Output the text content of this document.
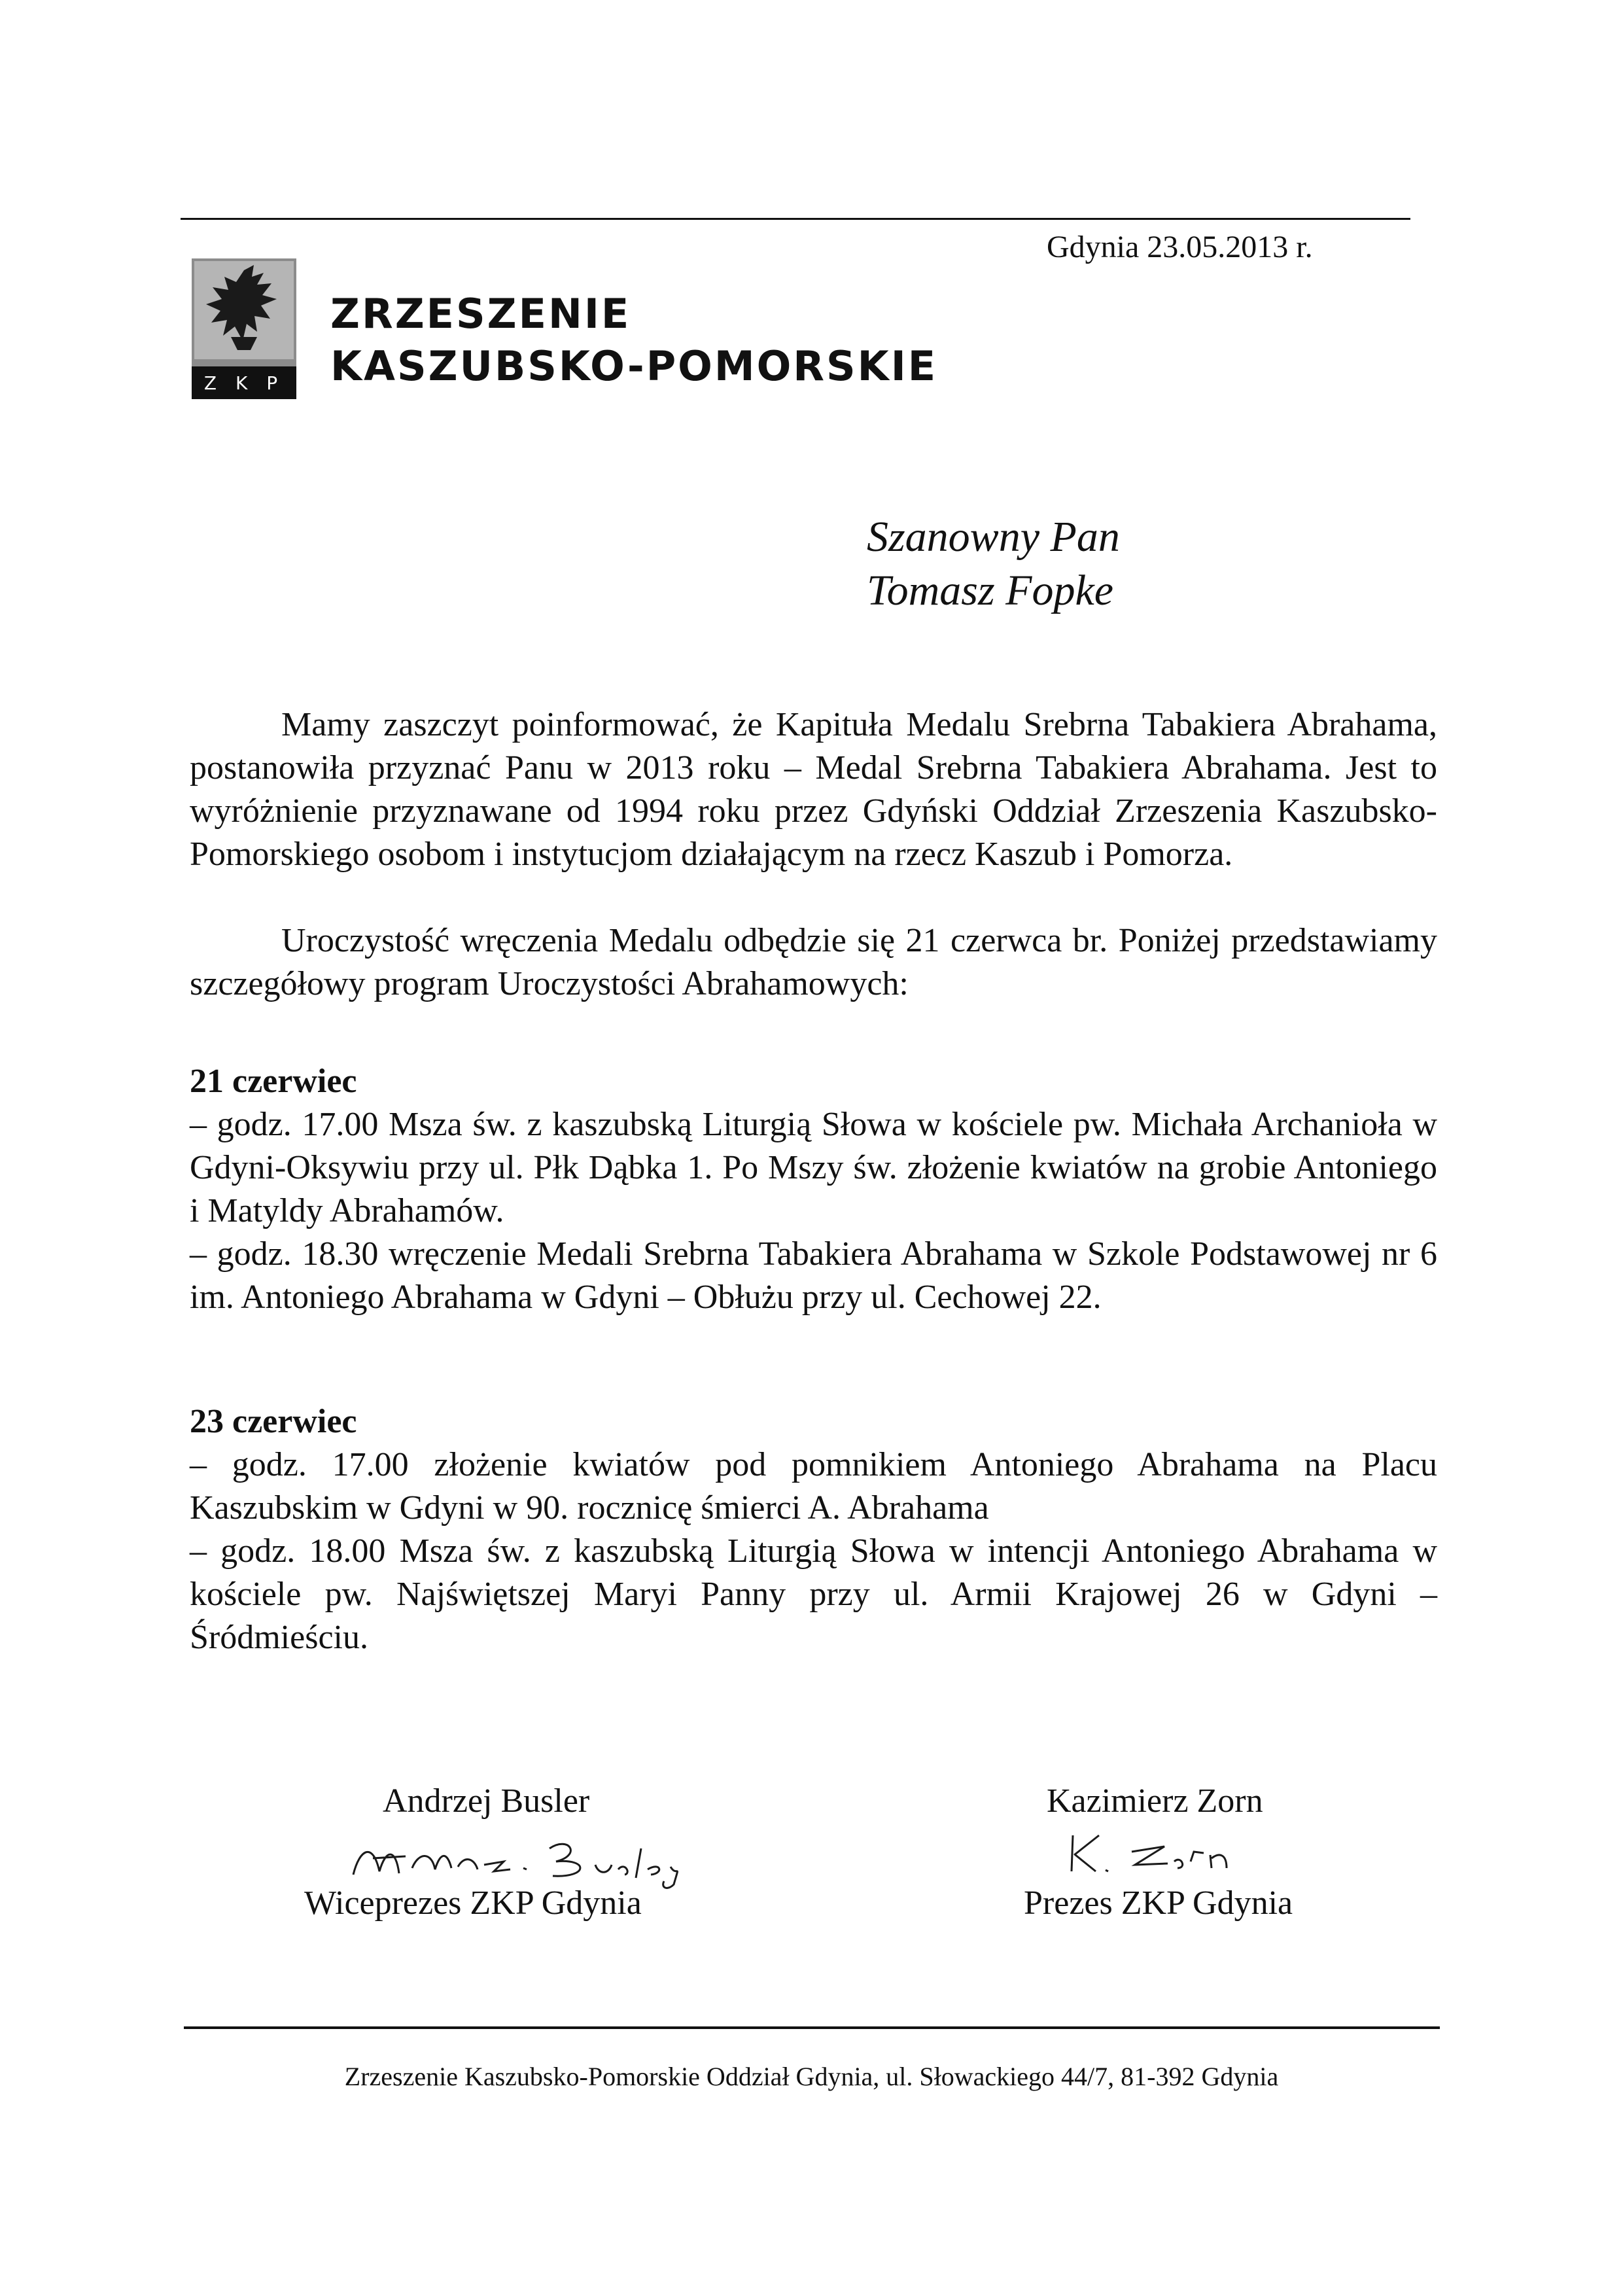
Gdynia 23.05.2013 r.
Z K P
ZRZESZENIE
KASZUBSKO-POMORSKIE
Szanowny Pan
Tomasz Fopke
Mamy zaszczyt poinformować, że Kapituła Medalu Srebrna Tabakiera Abrahama, postanowiła przyznać Panu w 2013 roku – Medal Srebrna Tabakiera Abrahama. Jest to wyróżnienie przyznawane od 1994 roku przez Gdyński Oddział Zrzeszenia Kaszubsko-Pomorskiego osobom i instytucjom działającym na rzecz Kaszub i Pomorza.
Uroczystość wręczenia Medalu odbędzie się 21 czerwca br. Poniżej przedstawiamy szczegółowy program Uroczystości Abrahamowych:
21 czerwiec
– godz. 17.00 Msza św. z kaszubską Liturgią Słowa w kościele pw. Michała Archanioła w Gdyni-Oksywiu przy ul. Płk Dąbka 1. Po Mszy św. złożenie kwiatów na grobie Antoniego i Matyldy Abrahamów.
– godz. 18.30 wręczenie Medali Srebrna Tabakiera Abrahama w Szkole Podstawowej nr 6 im. Antoniego Abrahama w Gdyni – Obłużu przy ul. Cechowej 22.
23 czerwiec
– godz. 17.00 złożenie kwiatów pod pomnikiem Antoniego Abrahama na Placu Kaszubskim w Gdyni w 90. rocznicę śmierci A. Abrahama
– godz. 18.00 Msza św. z kaszubską Liturgią Słowa w intencji Antoniego Abrahama w kościele pw. Najświętszej Maryi Panny przy ul. Armii Krajowej 26 w Gdyni – Śródmieściu.
Andrzej Busler
Wiceprezes ZKP Gdynia
Kazimierz Zorn
Prezes ZKP Gdynia
Zrzeszenie Kaszubsko-Pomorskie Oddział Gdynia, ul. Słowackiego 44/7, 81-392 Gdynia
